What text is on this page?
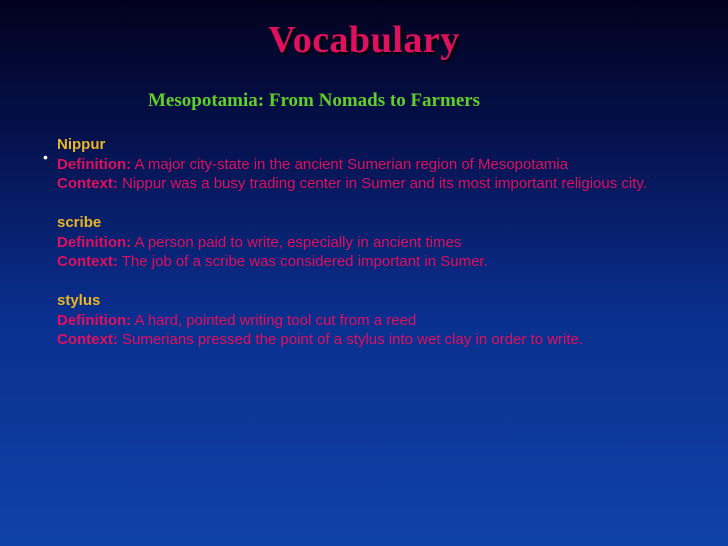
Vocabulary
Mesopotamia: From Nomads to Farmers
•
Nippur
Definition: A major city-state in the ancient Sumerian region of Mesopotamia
Context: Nippur was a busy trading center in Sumer and its most important religious city.
scribe
Definition: A person paid to write, especially in ancient times
Context: The job of a scribe was considered important in Sumer.
stylus
Definition: A hard, pointed writing tool cut from a reed
Context: Sumerians pressed the point of a stylus into wet clay in order to write.
